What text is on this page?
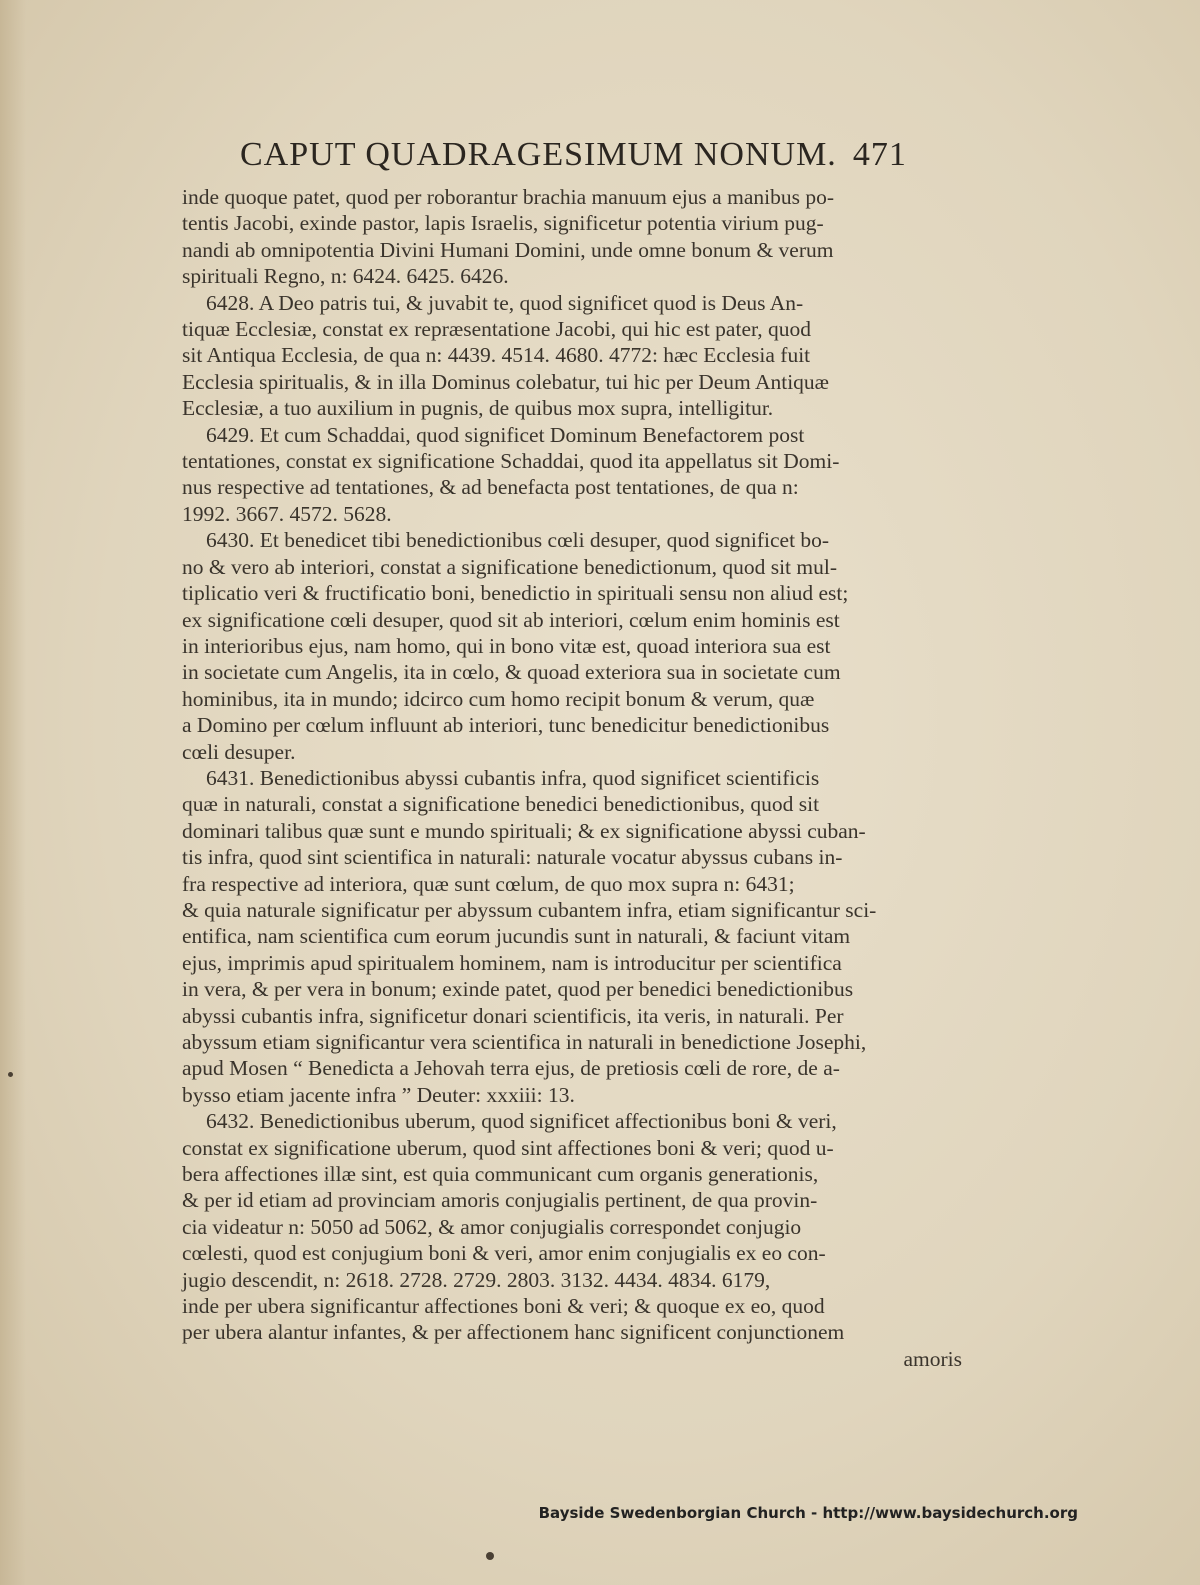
CAPUT QUADRAGESIMUM NONUM. 471
inde quoque patet, quod per roborantur brachia manuum ejus a manibus po-
tentis Jacobi, exinde pastor, lapis Israelis, significetur potentia virium pug-
nandi ab omnipotentia Divini Humani Domini, unde omne bonum & verum
spirituali Regno, n: 6424. 6425. 6426.
6428. A Deo patris tui, & juvabit te, quod significet quod is Deus An-
tiquæ Ecclesiæ, constat ex repræsentatione Jacobi, qui hic est pater, quod
sit Antiqua Ecclesia, de qua n: 4439. 4514. 4680. 4772: hæc Ecclesia fuit
Ecclesia spiritualis, & in illa Dominus colebatur, tui hic per Deum Antiquæ
Ecclesiæ, a tuo auxilium in pugnis, de quibus mox supra, intelligitur.
6429. Et cum Schaddai, quod significet Dominum Benefactorem post
tentationes, constat ex significatione Schaddai, quod ita appellatus sit Domi-
nus respective ad tentationes, & ad benefacta post tentationes, de qua n:
1992. 3667. 4572. 5628.
6430. Et benedicet tibi benedictionibus cœli desuper, quod significet bo-
no & vero ab interiori, constat a significatione benedictionum, quod sit mul-
tiplicatio veri & fructificatio boni, benedictio in spirituali sensu non aliud est;
ex significatione cœli desuper, quod sit ab interiori, cœlum enim hominis est
in interioribus ejus, nam homo, qui in bono vitæ est, quoad interiora sua est
in societate cum Angelis, ita in cœlo, & quoad exteriora sua in societate cum
hominibus, ita in mundo; idcirco cum homo recipit bonum & verum, quæ
a Domino per cœlum influunt ab interiori, tunc benedicitur benedictionibus
cœli desuper.
6431. Benedictionibus abyssi cubantis infra, quod significet scientificis
quæ in naturali, constat a significatione benedici benedictionibus, quod sit
dominari talibus quæ sunt e mundo spirituali; & ex significatione abyssi cuban-
tis infra, quod sint scientifica in naturali: naturale vocatur abyssus cubans in-
fra respective ad interiora, quæ sunt cœlum, de quo mox supra n: 6431;
& quia naturale significatur per abyssum cubantem infra, etiam significantur sci-
entifica, nam scientifica cum eorum jucundis sunt in naturali, & faciunt vitam
ejus, imprimis apud spiritualem hominem, nam is introducitur per scientifica
in vera, & per vera in bonum; exinde patet, quod per benedici benedictionibus
abyssi cubantis infra, significetur donari scientificis, ita veris, in naturali. Per
abyssum etiam significantur vera scientifica in naturali in benedictione Josephi,
apud Mosen “ Benedicta a Jehovah terra ejus, de pretiosis cœli de rore, de a-
bysso etiam jacente infra ” Deuter: xxxiii: 13.
6432. Benedictionibus uberum, quod significet affectionibus boni & veri,
constat ex significatione uberum, quod sint affectiones boni & veri; quod u-
bera affectiones illæ sint, est quia communicant cum organis generationis,
& per id etiam ad provinciam amoris conjugialis pertinent, de qua provin-
cia videatur n: 5050 ad 5062, & amor conjugialis correspondet conjugio
cœlesti, quod est conjugium boni & veri, amor enim conjugialis ex eo con-
jugio descendit, n: 2618. 2728. 2729. 2803. 3132. 4434. 4834. 6179,
inde per ubera significantur affectiones boni & veri; & quoque ex eo, quod
per ubera alantur infantes, & per affectionem hanc significent conjunctionem
amoris
Bayside Swedenborgian Church - http://www.baysidechurch.org
